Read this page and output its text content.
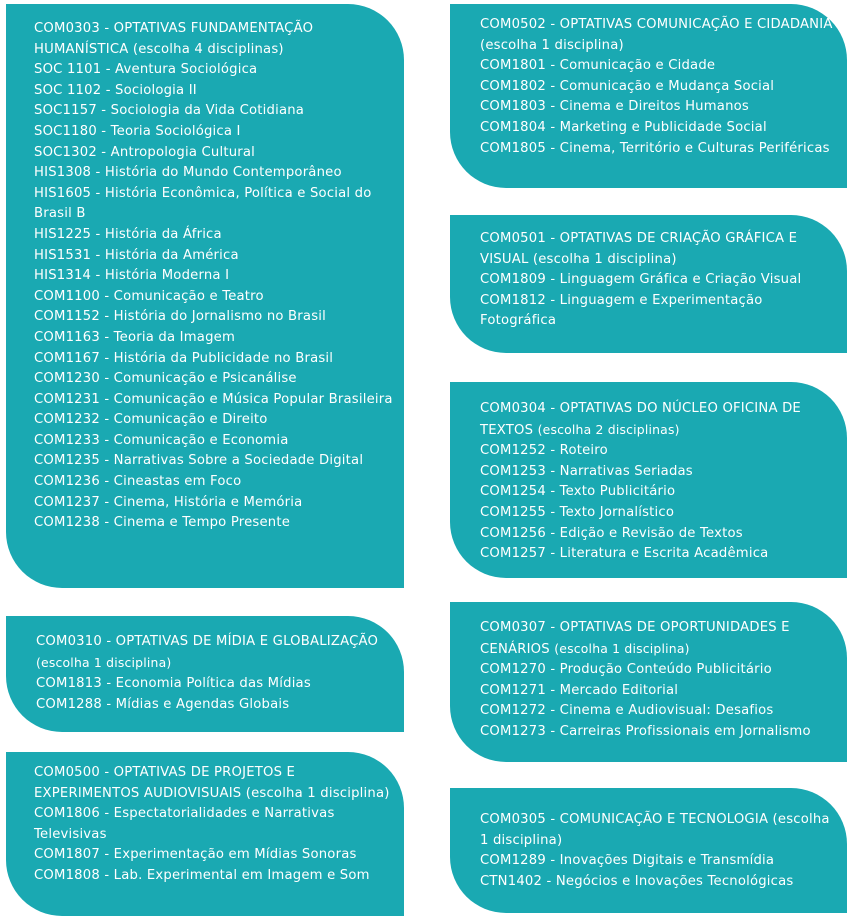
COM0303 - OPTATIVAS FUNDAMENTAÇÃO HUMANÍSTICA (escolha 4 disciplinas)
SOC 1101 - Aventura Sociológica
SOC 1102 - Sociologia II
SOC1157 - Sociologia da Vida Cotidiana
SOC1180 - Teoria Sociológica I
SOC1302 - Antropologia Cultural
HIS1308 - História do Mundo Contemporâneo
HIS1605 - História Econômica, Política e Social do Brasil B
HIS1225 - História da África
HIS1531 - História da América
HIS1314 - História Moderna I
COM1100 - Comunicação e Teatro
COM1152 - História do Jornalismo no Brasil
COM1163 - Teoria da Imagem
COM1167 - História da Publicidade no Brasil
COM1230 - Comunicação e Psicanálise
COM1231 - Comunicação e Música Popular Brasileira
COM1232 - Comunicação e Direito
COM1233 - Comunicação e Economia
COM1235 - Narrativas Sobre a Sociedade Digital
COM1236 - Cineastas em Foco
COM1237 - Cinema, História e Memória
COM1238 - Cinema e Tempo Presente
COM0502 - OPTATIVAS COMUNICAÇÃO E CIDADANIA (escolha 1 disciplina)
COM1801 - Comunicação e Cidade
COM1802 - Comunicação e Mudança Social
COM1803 - Cinema e Direitos Humanos
COM1804 - Marketing e Publicidade Social
COM1805 - Cinema, Território e Culturas Periféricas
COM0501 - OPTATIVAS DE CRIAÇÃO GRÁFICA E VISUAL (escolha 1 disciplina)
COM1809 - Linguagem Gráfica e Criação Visual
COM1812 - Linguagem e Experimentação Fotográfica
COM0304 - OPTATIVAS DO NÚCLEO OFICINA DE TEXTOS (escolha 2 disciplinas)
COM1252 - Roteiro
COM1253 - Narrativas Seriadas
COM1254 - Texto Publicitário
COM1255 - Texto Jornalístico
COM1256 - Edição e Revisão de Textos
COM1257 - Literatura e Escrita Acadêmica
COM0310 - OPTATIVAS DE MÍDIA E GLOBALIZAÇÃO (escolha 1 disciplina)
COM1813 - Economia Política das Mídias
COM1288 - Mídias e Agendas Globais
COM0307 - OPTATIVAS DE OPORTUNIDADES E CENÁRIOS (escolha 1 disciplina)
COM1270 - Produção Conteúdo Publicitário
COM1271 - Mercado Editorial
COM1272 - Cinema e Audiovisual: Desafios
COM1273 - Carreiras Profissionais em Jornalismo
COM0500 - OPTATIVAS DE PROJETOS E EXPERIMENTOS AUDIOVISUAIS (escolha 1 disciplina)
COM1806 - Espectatorialidades e Narrativas Televisivas
COM1807 - Experimentação em Mídias Sonoras
COM1808 - Lab. Experimental em Imagem e Som
COM0305 - COMUNICAÇÃO E TECNOLOGIA (escolha 1 disciplina)
COM1289 - Inovações Digitais e Transmídia
CTN1402 - Negócios e Inovações Tecnológicas
